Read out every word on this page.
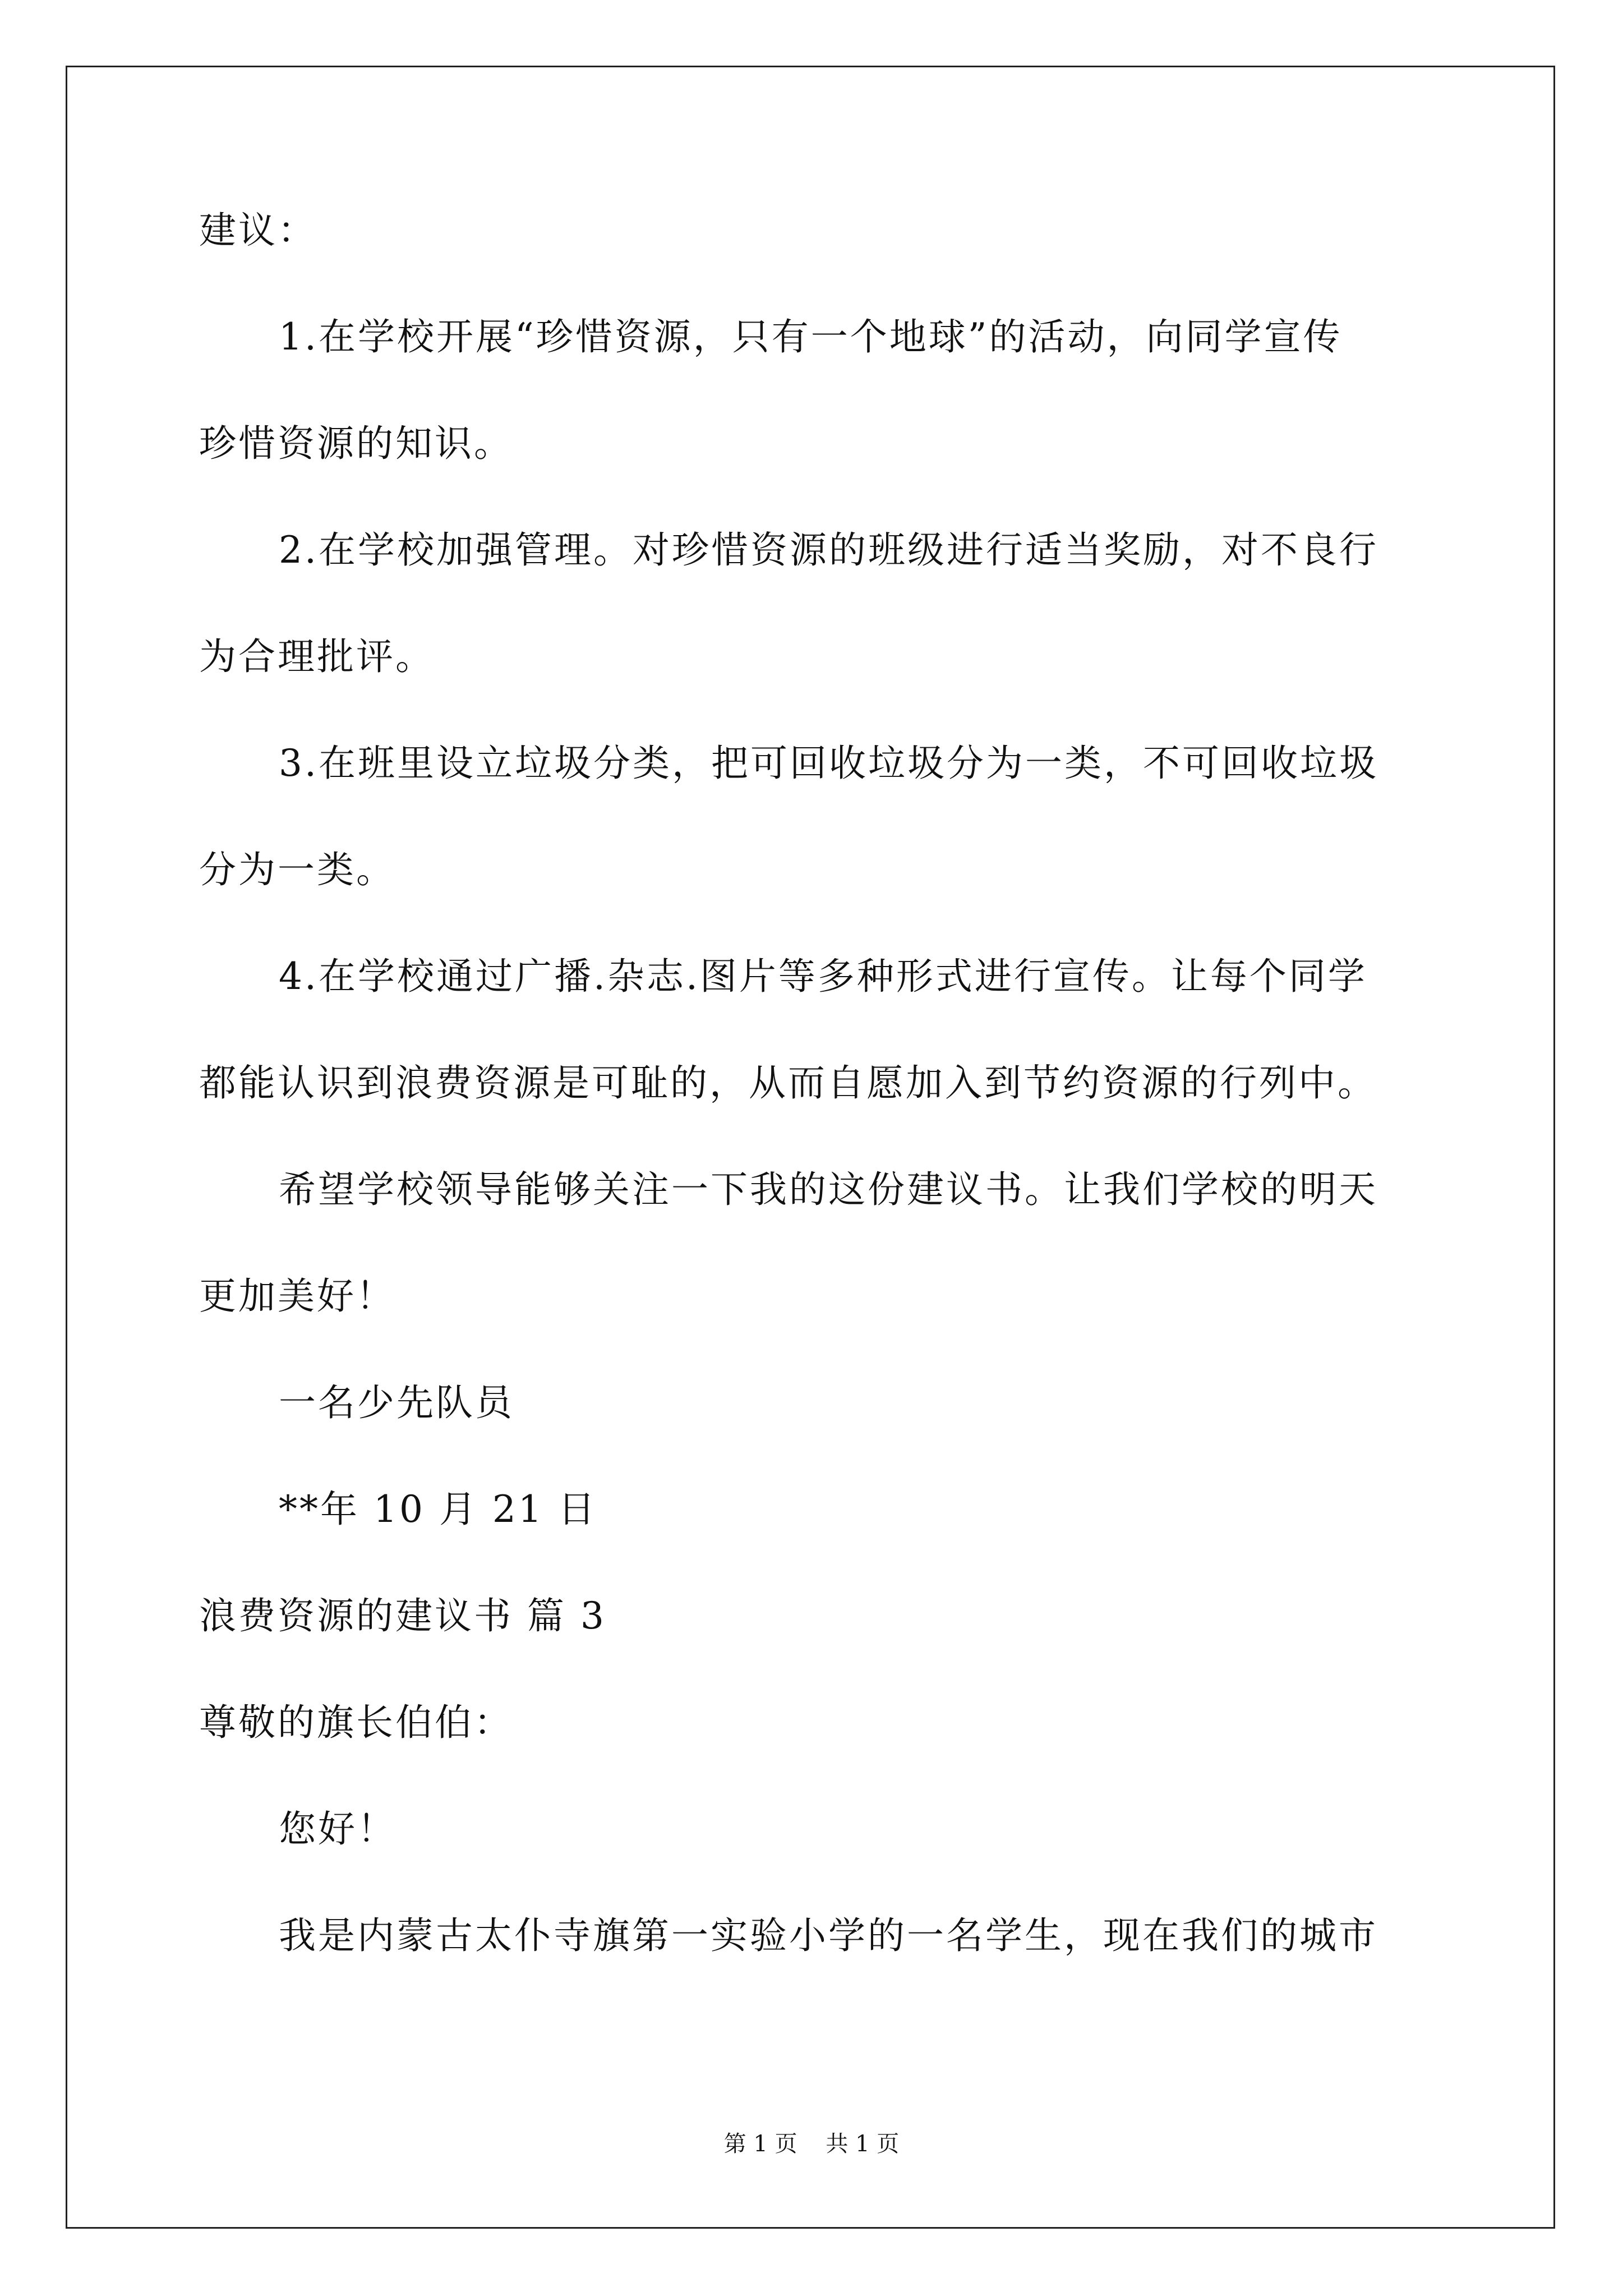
建议：

1.在学校开展“珍惜资源，只有一个地球”的活动，向同学宣传

珍惜资源的知识。

2.在学校加强管理。对珍惜资源的班级进行适当奖励，对不良行

为合理批评。

3.在班里设立垃圾分类，把可回收垃圾分为一类，不可回收垃圾

分为一类。

4.在学校通过广播.杂志.图片等多种形式进行宣传。让每个同学

都能认识到浪费资源是可耻的，从而自愿加入到节约资源的行列中。

希望学校领导能够关注一下我的这份建议书。让我们学校的明天

更加美好！

一名少先队员

**年 10 月 21 日

浪费资源的建议书 篇 3

尊敬的旗长伯伯：

您好！

我是内蒙古太仆寺旗第一实验小学的一名学生，现在我们的城市

第 1 页    共 1 页
